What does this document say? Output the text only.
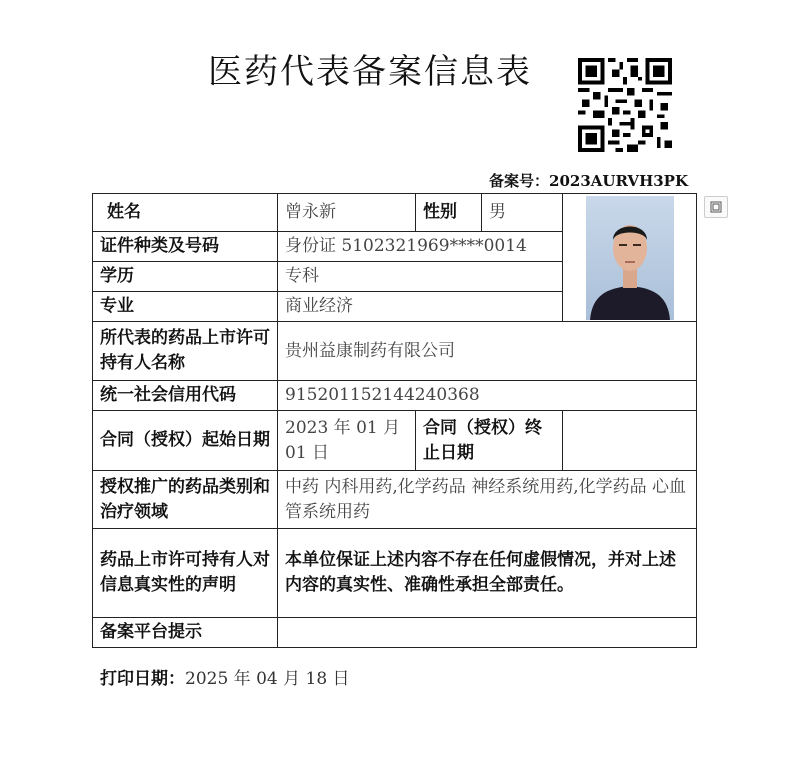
医药代表备案信息表
备案号：2023AURVH3PK
姓名	曾永新	性别	男	

证件种类及号码	身份证 5102321969****0014			
学历	专科			
专业	商业经济			
所代表的药品上市许可持有人名称	贵州益康制药有限公司			
统一社会信用代码	915201152144240368			
合同（授权）起始日期	2023 年 01 月 01 日	合同（授权）终止日期		
授权推广的药品类别和治疗领域	中药 内科用药,化学药品 神经系统用药,化学药品 心血管系统用药			
药品上市许可持有人对信息真实性的声明	本单位保证上述内容不存在任何虚假情况，并对上述内容的真实性、准确性承担全部责任。			
备案平台提示				
打印日期：2025 年 04 月 18 日
